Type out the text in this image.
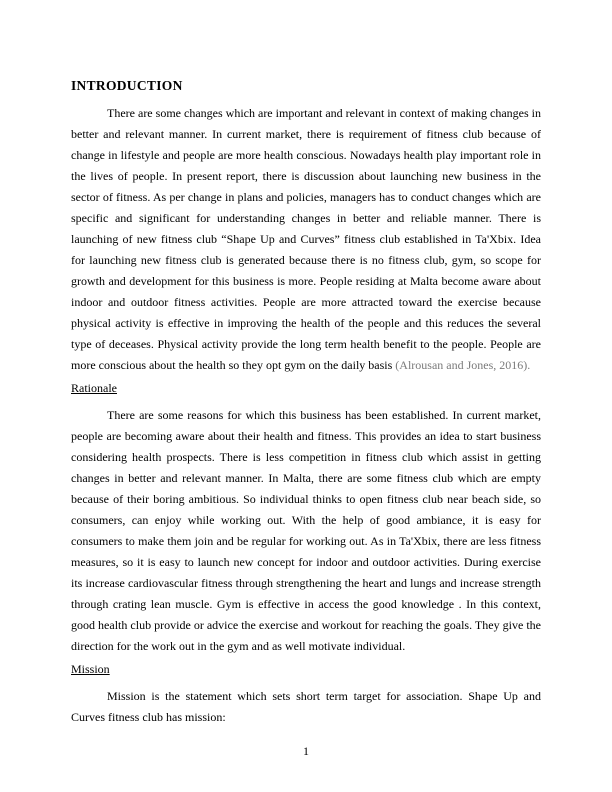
INTRODUCTION

There are some changes which are important and relevant in context of making changes in better and relevant manner. In current market, there is requirement of fitness club because of change in lifestyle and people are more health conscious. Nowadays health play important role in the lives of people. In present report, there is discussion about launching new business in the sector of fitness. As per change in plans and policies, managers has to conduct changes which are specific and significant for understanding changes in better and reliable manner. There is launching of new fitness club “Shape Up and Curves” fitness club established in Ta'Xbix. Idea for launching new fitness club is generated because there is no fitness club, gym, so scope for growth and development for this business is more. People residing at Malta become aware about indoor and outdoor fitness activities. People are more attracted toward the exercise because physical activity is effective in improving the health of the people and this reduces the several type of deceases. Physical activity provide the long term health benefit to the people. People are more conscious about the health so they opt gym on the daily basis (Alrousan and Jones, 2016).

Rationale

There are some reasons for which this business has been established. In current market, people are becoming aware about their health and fitness. This provides an idea to start business considering health prospects. There is less competition in fitness club which assist in getting changes in better and relevant manner. In Malta, there are some fitness club which are empty because of their boring ambitious. So individual thinks to open fitness club near beach side, so consumers, can enjoy while working out. With the help of good ambiance, it is easy for consumers to make them join and be regular for working out. As in Ta'Xbix, there are less fitness measures, so it is easy to launch new concept for indoor and outdoor activities. During exercise its increase cardiovascular fitness through strengthening the heart and lungs and increase strength through crating lean muscle. Gym is effective in access the good knowledge . In this context, good health club provide or advice the exercise and workout for reaching the goals. They give the direction for the work out in the gym and as well motivate individual.

Mission

Mission is the statement which sets short term target for association. Shape Up and Curves fitness club has mission:

1
